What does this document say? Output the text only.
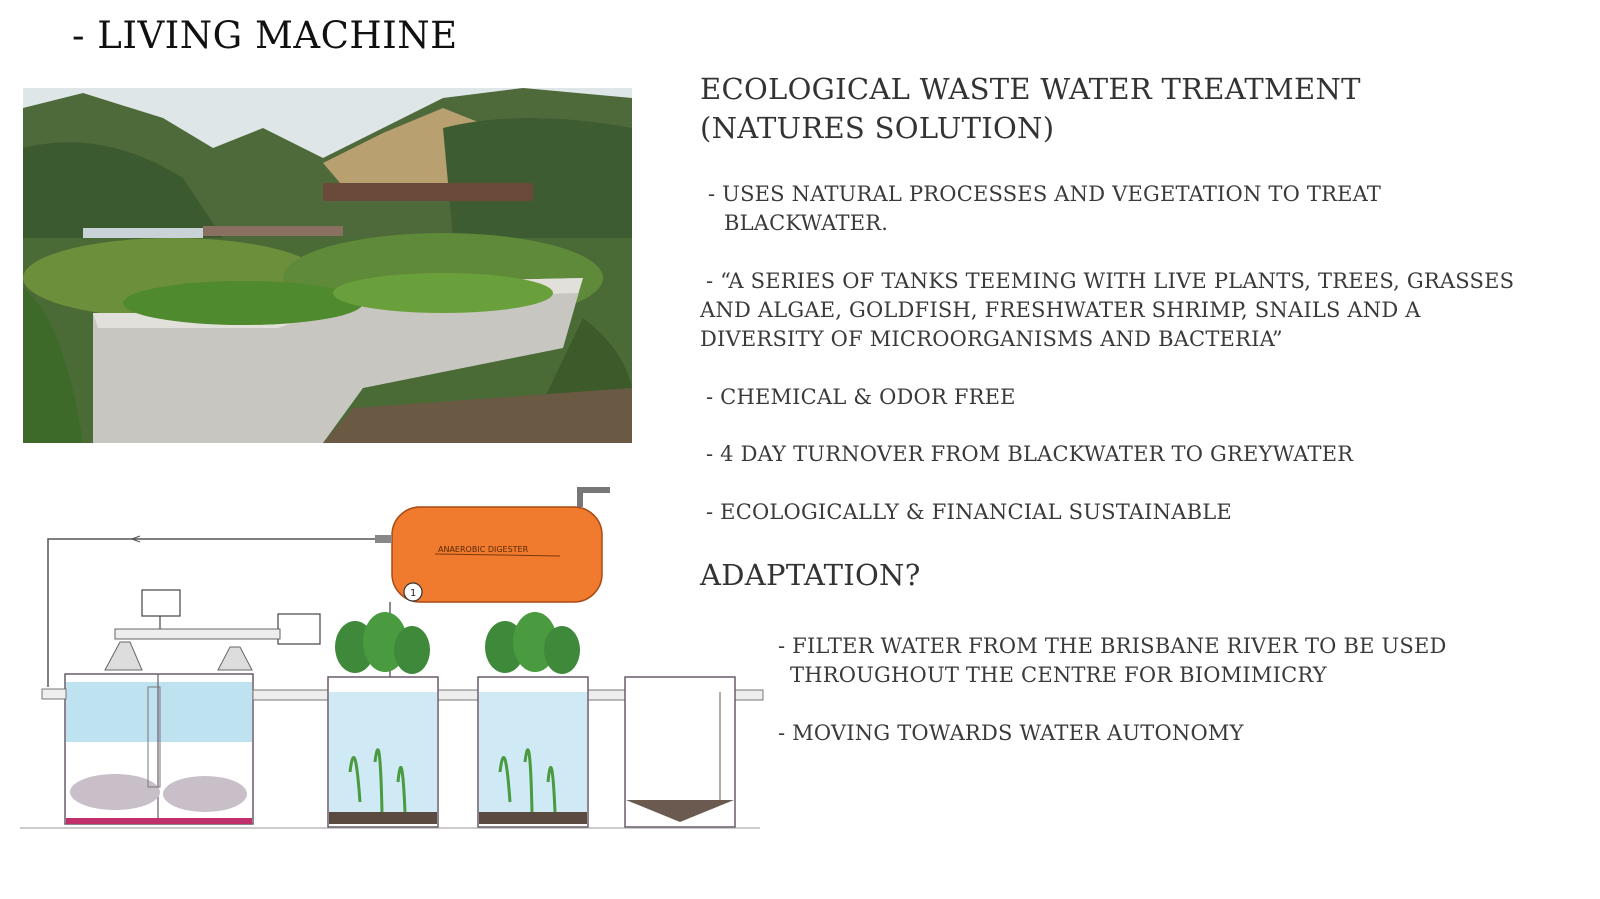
- LIVING MACHINE
ANAEROBIC DIGESTER
1
ECOLOGICAL WASTE WATER TREATMENT
(NATURES SOLUTION)
- USES NATURAL PROCESSES AND VEGETATION TO TREAT
BLACKWATER.
- “A SERIES OF TANKS TEEMING WITH LIVE PLANTS, TREES, GRASSES
AND ALGAE, GOLDFISH, FRESHWATER SHRIMP, SNAILS AND A
DIVERSITY OF MICROORGANISMS AND BACTERIA”
- CHEMICAL & ODOR FREE
- 4 DAY TURNOVER FROM BLACKWATER TO GREYWATER
- ECOLOGICALLY & FINANCIAL SUSTAINABLE
ADAPTATION?
- FILTER WATER FROM THE BRISBANE RIVER TO BE USED
THROUGHOUT THE CENTRE FOR BIOMIMICRY
- MOVING TOWARDS WATER AUTONOMY
